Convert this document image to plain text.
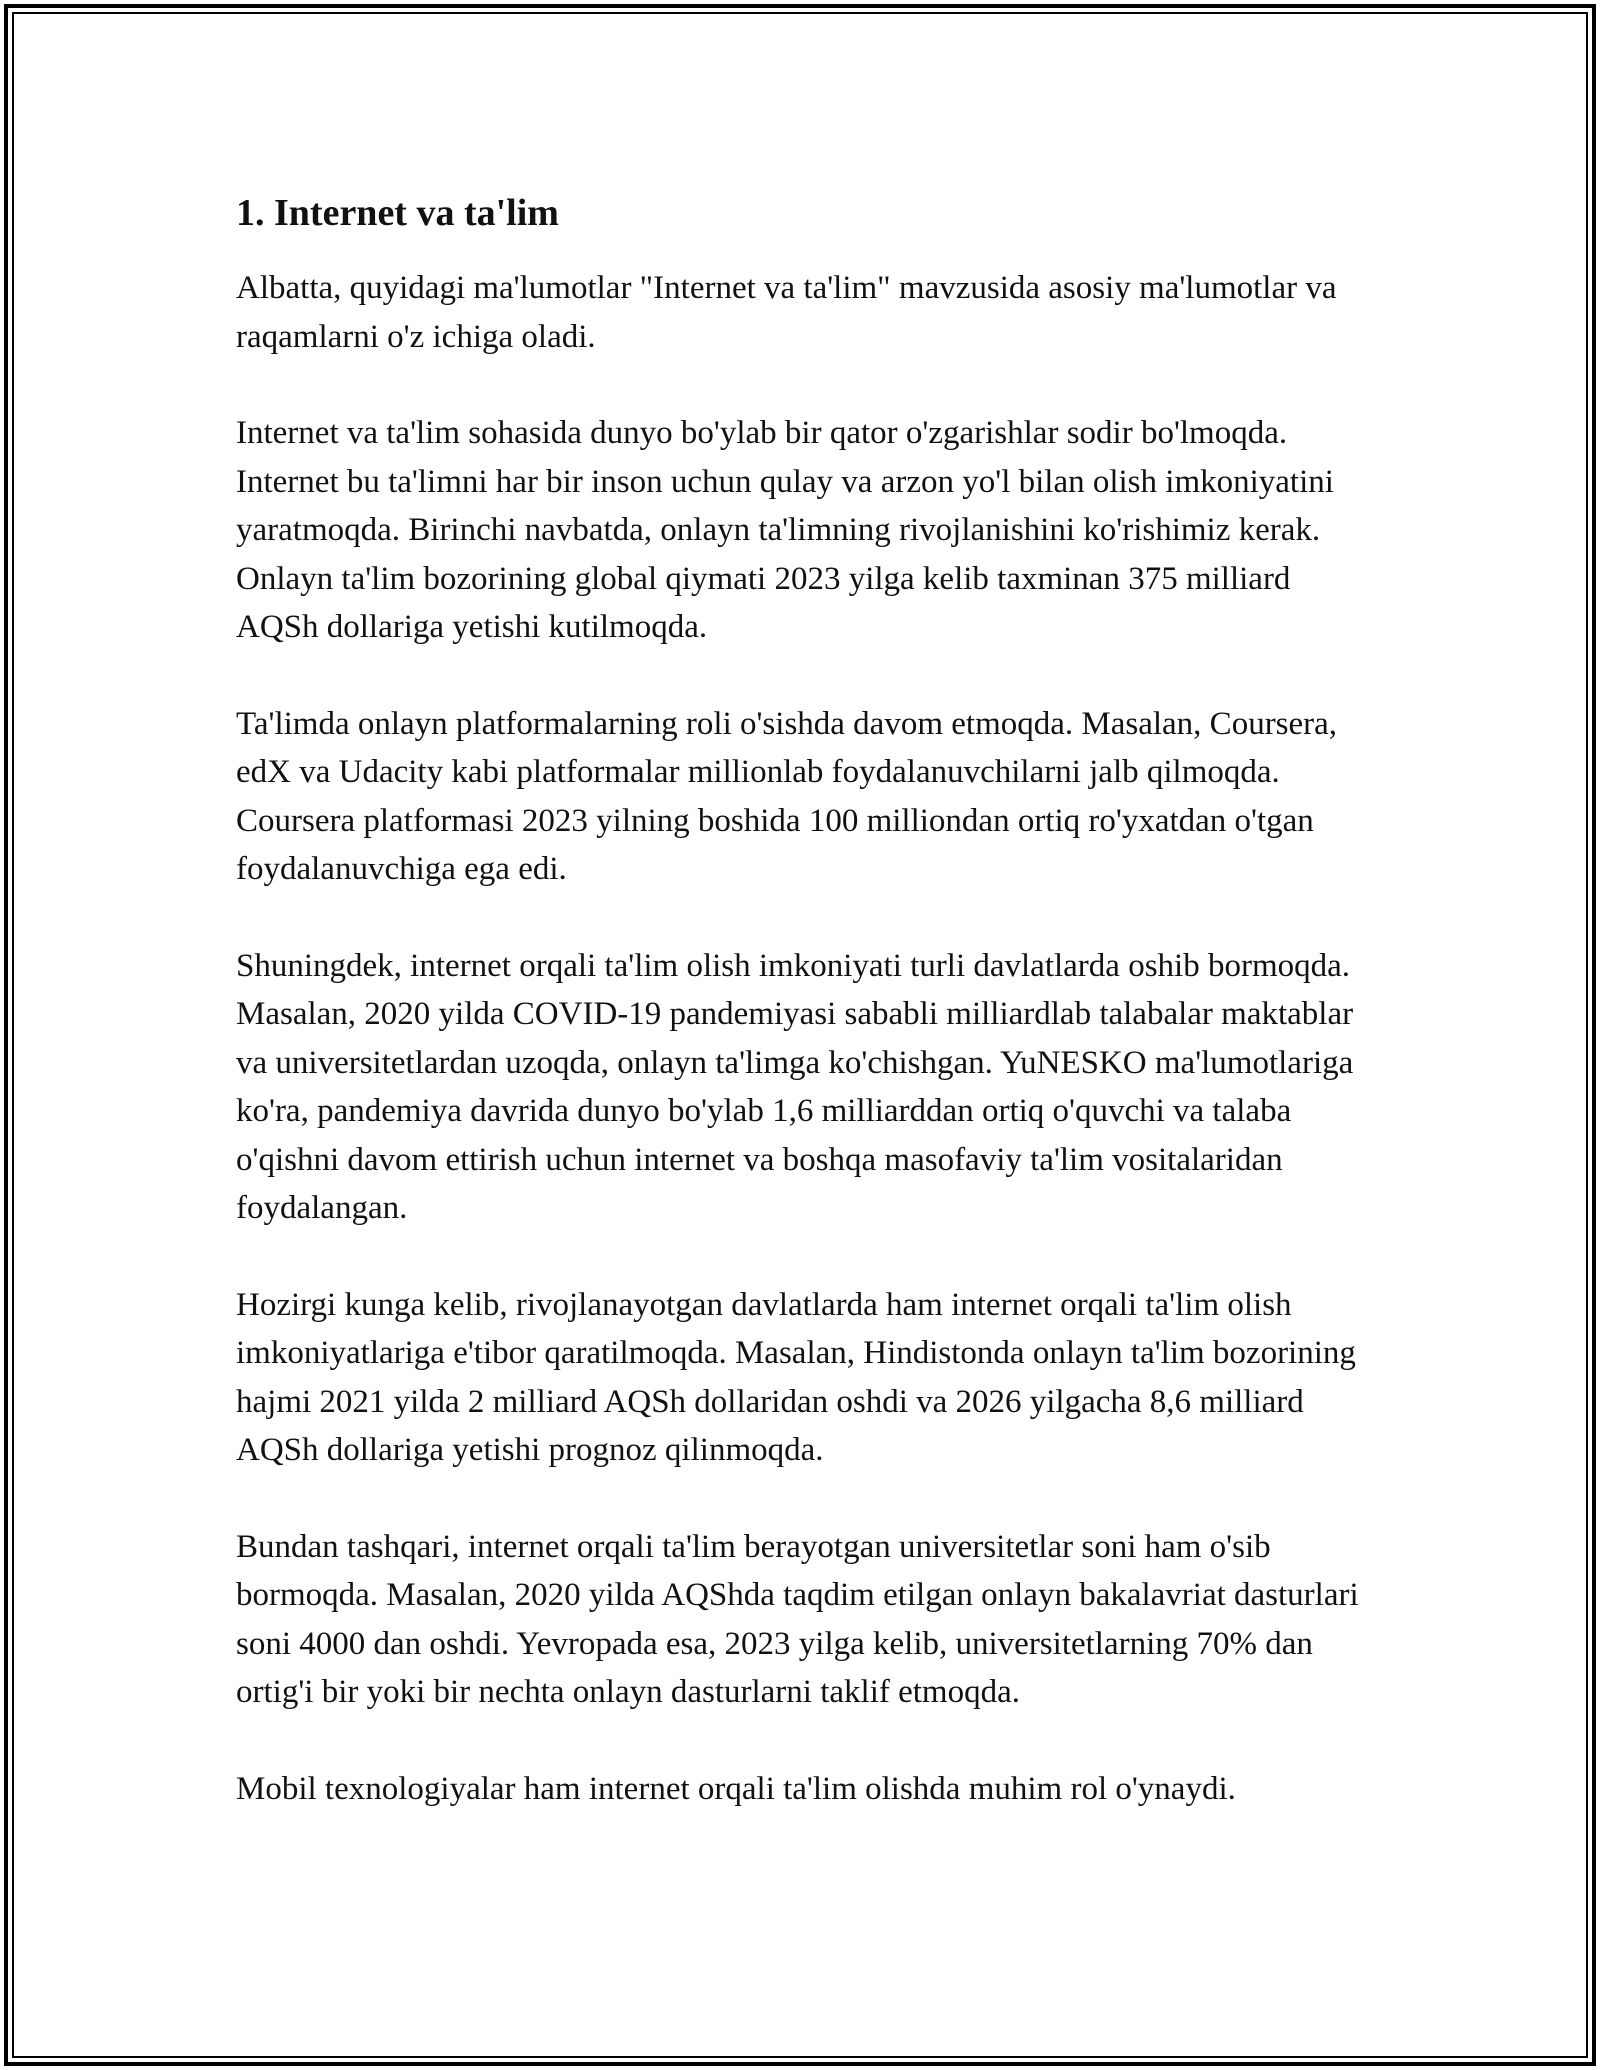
1. Internet va ta'lim

Albatta, quyidagi ma'lumotlar "Internet va ta'lim" mavzusida asosiy ma'lumotlar va raqamlarni o'z ichiga oladi.

Internet va ta'lim sohasida dunyo bo'ylab bir qator o'zgarishlar sodir bo'lmoqda. Internet bu ta'limni har bir inson uchun qulay va arzon yo'l bilan olish imkoniyatini yaratmoqda. Birinchi navbatda, onlayn ta'limning rivojlanishini ko'rishimiz kerak. Onlayn ta'lim bozorining global qiymati 2023 yilga kelib taxminan 375 milliard AQSh dollariga yetishi kutilmoqda.

Ta'limda onlayn platformalarning roli o'sishda davom etmoqda. Masalan, Coursera, edX va Udacity kabi platformalar millionlab foydalanuvchilarni jalb qilmoqda. Coursera platformasi 2023 yilning boshida 100 milliondan ortiq ro'yxatdan o'tgan foydalanuvchiga ega edi.

Shuningdek, internet orqali ta'lim olish imkoniyati turli davlatlarda oshib bormoqda. Masalan, 2020 yilda COVID-19 pandemiyasi sababli milliardlab talabalar maktablar va universitetlardan uzoqda, onlayn ta'limga ko'chishgan. YuNESKO ma'lumotlariga ko'ra, pandemiya davrida dunyo bo'ylab 1,6 milliarddan ortiq o'quvchi va talaba o'qishni davom ettirish uchun internet va boshqa masofaviy ta'lim vositalaridan foydalangan.

Hozirgi kunga kelib, rivojlanayotgan davlatlarda ham internet orqali ta'lim olish imkoniyatlariga e'tibor qaratilmoqda. Masalan, Hindistonda onlayn ta'lim bozorining hajmi 2021 yilda 2 milliard AQSh dollaridan oshdi va 2026 yilgacha 8,6 milliard AQSh dollariga yetishi prognoz qilinmoqda.

Bundan tashqari, internet orqali ta'lim berayotgan universitetlar soni ham o'sib bormoqda. Masalan, 2020 yilda AQShda taqdim etilgan onlayn bakalavriat dasturlari soni 4000 dan oshdi. Yevropada esa, 2023 yilga kelib, universitetlarning 70% dan ortig'i bir yoki bir nechta onlayn dasturlarni taklif etmoqda.

Mobil texnologiyalar ham internet orqali ta'lim olishda muhim rol o'ynaydi.
